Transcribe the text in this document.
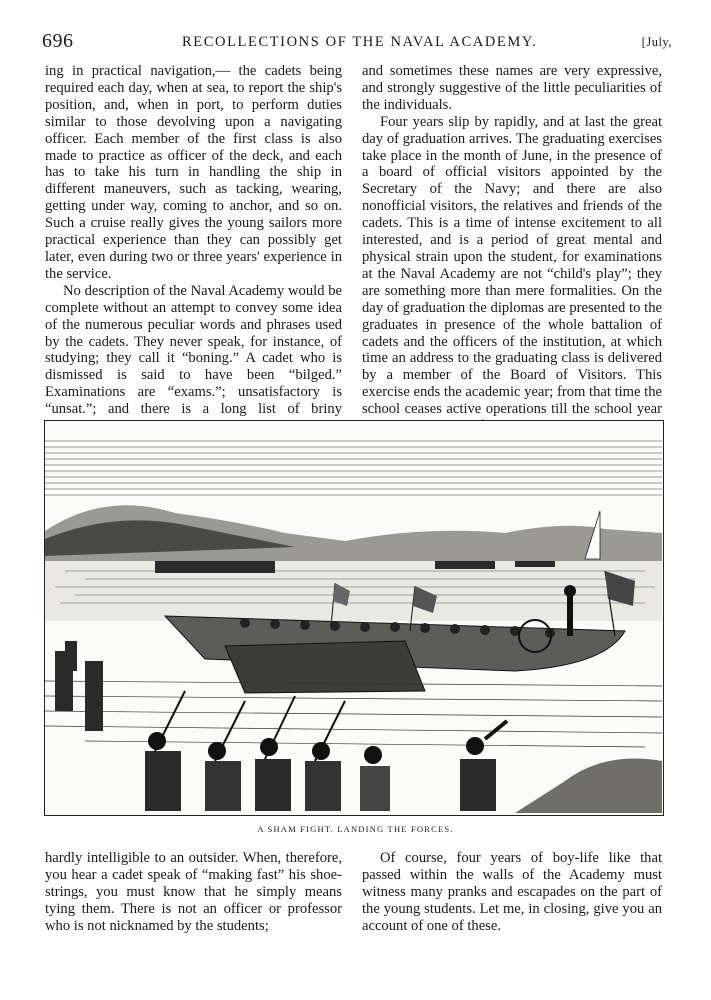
696	RECOLLECTIONS OF THE NAVAL ACADEMY.	[July,

ing in practical navigation,— the cadets being required each day, when at sea, to report the ship's position, and, when in port, to perform duties similar to those devolving upon a navigating officer. Each member of the first class is also made to practice as officer of the deck, and each has to take his turn in handling the ship in different maneuvers, such as tacking, wearing, getting under way, coming to anchor, and so on. Such a cruise really gives the young sailors more practical experience than they can possibly get later, even during two or three years' experience in the service.

No description of the Naval Academy would be complete without an attempt to convey some idea of the numerous peculiar words and phrases used by the cadets. They never speak, for instance, of studying; they call it “boning.” A cadet who is dismissed is said to have been “bilged.” Examinations are “exams.”; unsatisfactory is “unsat.”; and there is a long list of briny

and sometimes these names are very expressive, and strongly suggestive of the little peculiarities of the individuals.

Four years slip by rapidly, and at last the great day of graduation arrives. The graduating exercises take place in the month of June, in the presence of a board of official visitors appointed by the Secretary of the Navy; and there are also nonofficial visitors, the relatives and friends of the cadets. This is a time of intense excitement to all interested, and is a period of great mental and physical strain upon the student, for examinations at the Naval Academy are not “child's play”; they are something more than mere formalities. On the day of graduation the diplomas are presented to the graduates in presence of the whole battalion of cadets and the officers of the institution, at which time an address to the graduating class is delivered by a member of the Board of Visitors. This exercise ends the academic year; from that time the school ceases active operations till the school year

A SHAM FIGHT. LANDING THE FORCES.

hardly intelligible to an outsider. When, therefore, you hear a cadet speak of “making fast” his shoe-strings, you must know that he simply means tying them. There is not an officer or professor who is not nicknamed by the students;

Of course, four years of boy-life like that passed within the walls of the Academy must witness many pranks and escapades on the part of the young students. Let me, in closing, give you an account of one of these.
